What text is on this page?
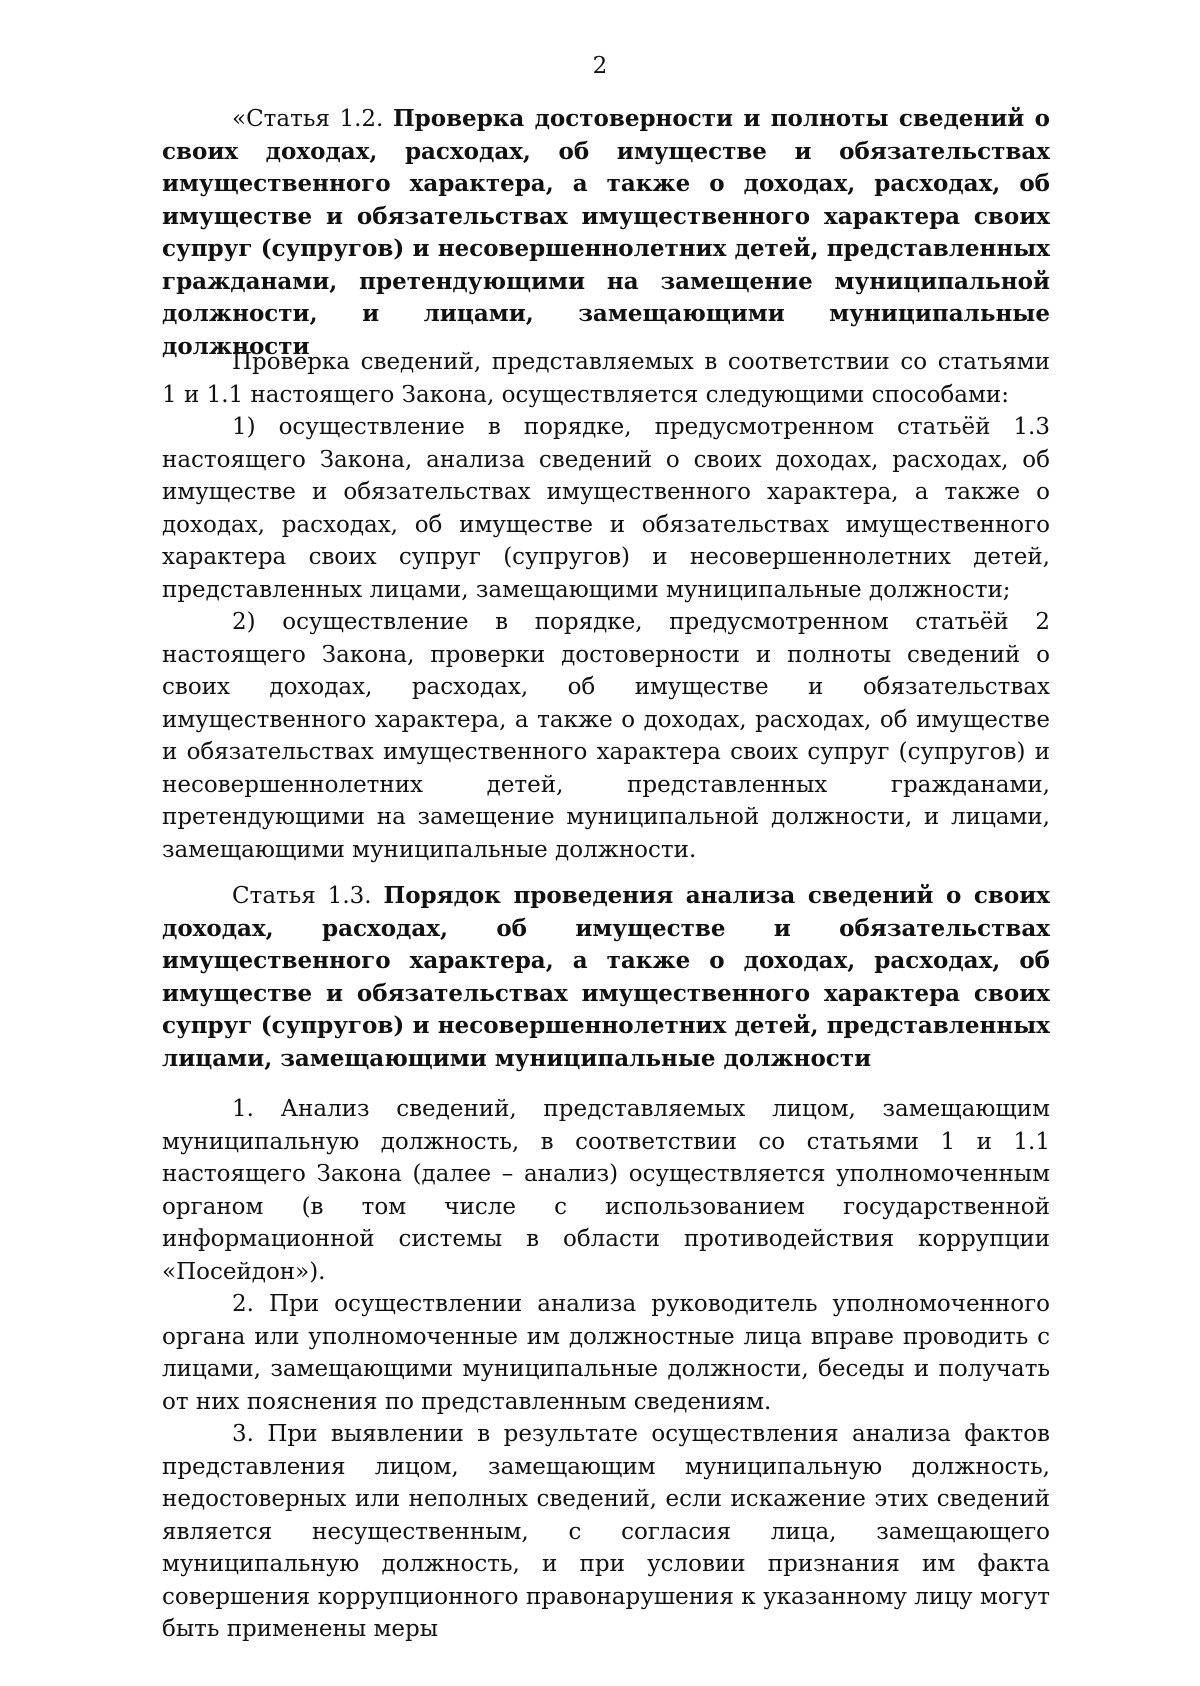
2

«Статья 1.2. Проверка достоверности и полноты сведений о своих доходах, расходах, об имуществе и обязательствах имущественного характера, а также о доходах, расходах, об имуществе и обязательствах имущественного характера своих супруг (супругов) и несовершеннолетних детей, представленных гражданами, претендующими на замещение муниципальной должности, и лицами, замещающими муниципальные должности

Проверка сведений, представляемых в соответствии со статьями 1 и 1.1 настоящего Закона, осуществляется следующими способами:

1) осуществление в порядке, предусмотренном статьёй 1.3 настоящего Закона, анализа сведений о своих доходах, расходах, об имуществе и обязательствах имущественного характера, а также о доходах, расходах, об имуществе и обязательствах имущественного характера своих супруг (супругов) и несовершеннолетних детей, представленных лицами, замещающими муниципальные должности;

2) осуществление в порядке, предусмотренном статьёй 2 настоящего Закона, проверки достоверности и полноты сведений о своих доходах, расходах, об имуществе и обязательствах имущественного характера, а также о доходах, расходах, об имуществе и обязательствах имущественного характера своих супруг (супругов) и несовершеннолетних детей, представленных гражданами, претендующими на замещение муниципальной должности, и лицами, замещающими муниципальные должности.

Статья 1.3. Порядок проведения анализа сведений о своих доходах, расходах, об имуществе и обязательствах имущественного характера, а также о доходах, расходах, об имуществе и обязательствах имущественного характера своих супруг (супругов) и несовершеннолетних детей, представленных лицами, замещающими муниципальные должности

1. Анализ сведений, представляемых лицом, замещающим муниципальную должность, в соответствии со статьями 1 и 1.1 настоящего Закона (далее – анализ) осуществляется уполномоченным органом (в том числе с использованием государственной информационной системы в области противодействия коррупции «Посейдон»).

2. При осуществлении анализа руководитель уполномоченного органа или уполномоченные им должностные лица вправе проводить с лицами, замещающими муниципальные должности, беседы и получать от них пояснения по представленным сведениям.

3. При выявлении в результате осуществления анализа фактов представления лицом, замещающим муниципальную должность, недостоверных или неполных сведений, если искажение этих сведений является несущественным, с согласия лица, замещающего муниципальную должность, и при условии признания им факта совершения коррупционного правонарушения к указанному лицу могут быть применены меры
